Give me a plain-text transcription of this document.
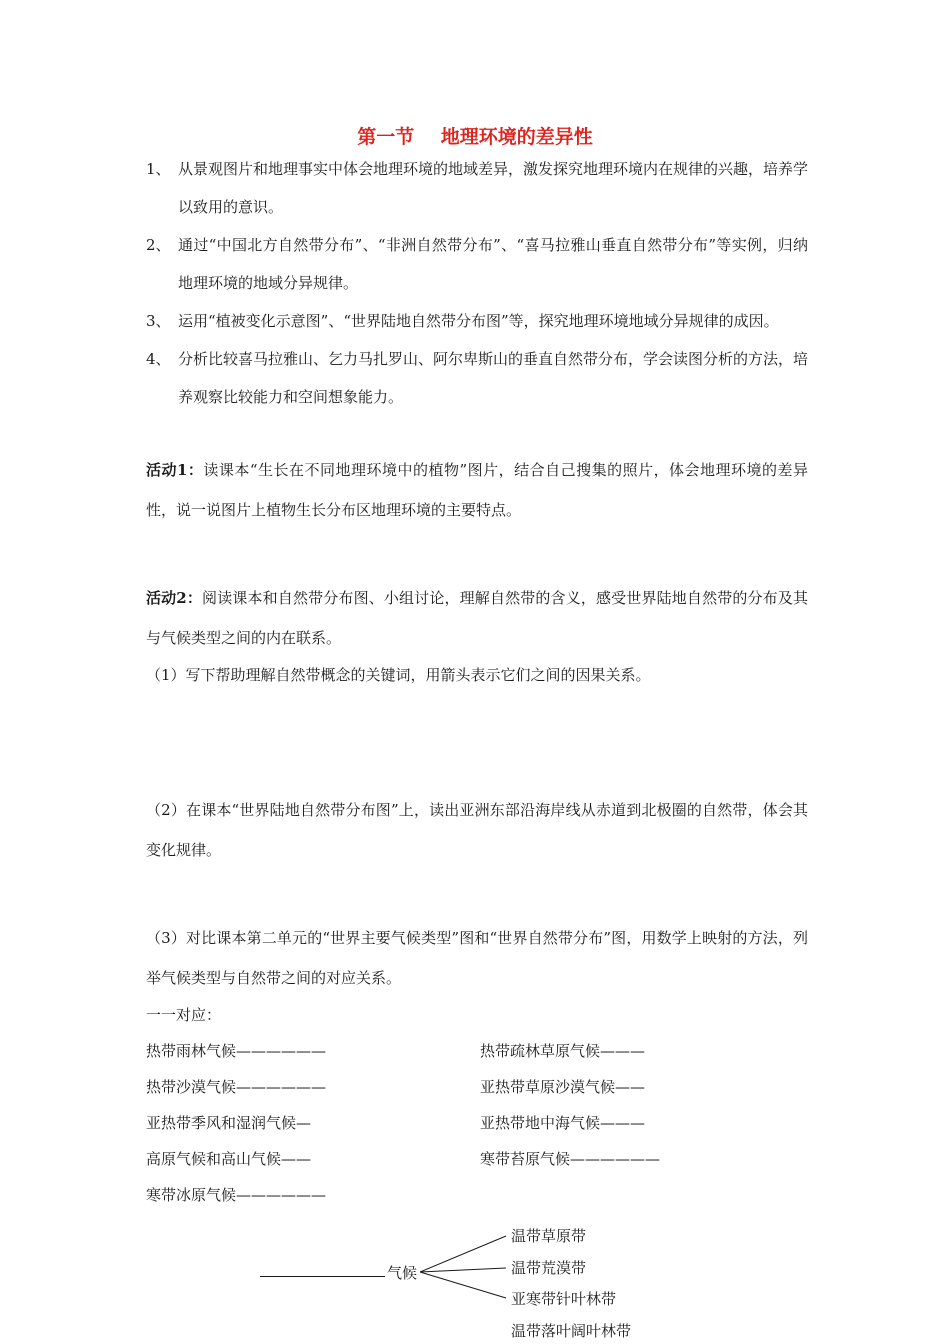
第一节    地理环境的差异性
1、 从景观图片和地理事实中体会地理环境的地域差异，激发探究地理环境内在规律的兴趣，培养学以致用的意识。
2、 通过“中国北方自然带分布”、“非洲自然带分布”、“喜马拉雅山垂直自然带分布”等实例，归纳地理环境的地域分异规律。
3、 运用“植被变化示意图”、“世界陆地自然带分布图”等，探究地理环境地域分异规律的成因。
4、 分析比较喜马拉雅山、乞力马扎罗山、阿尔卑斯山的垂直自然带分布，学会读图分析的方法，培养观察比较能力和空间想象能力。
活动1：读课本“生长在不同地理环境中的植物”图片，结合自己搜集的照片，体会地理环境的差异性，说一说图片上植物生长分布区地理环境的主要特点。
活动2：阅读课本和自然带分布图、小组讨论，理解自然带的含义，感受世界陆地自然带的分布及其与气候类型之间的内在联系。
（1）写下帮助理解自然带概念的关键词，用箭头表示它们之间的因果关系。
（2）在课本“世界陆地自然带分布图”上，读出亚洲东部沿海岸线从赤道到北极圈的自然带，体会其变化规律。
（3）对比课本第二单元的“世界主要气候类型”图和“世界自然带分布”图，用数学上映射的方法，列举气候类型与自然带之间的对应关系。
一一对应：
热带雨林气候——————
热带沙漠气候——————
亚热带季风和湿润气候—
高原气候和高山气候——
寒带冰原气候——————
热带疏林草原气候———
亚热带草原沙漠气候——
亚热带地中海气候———
寒带苔原气候——————
气候
温带草原带
温带荒漠带
亚寒带针叶林带
温带落叶阔叶林带
